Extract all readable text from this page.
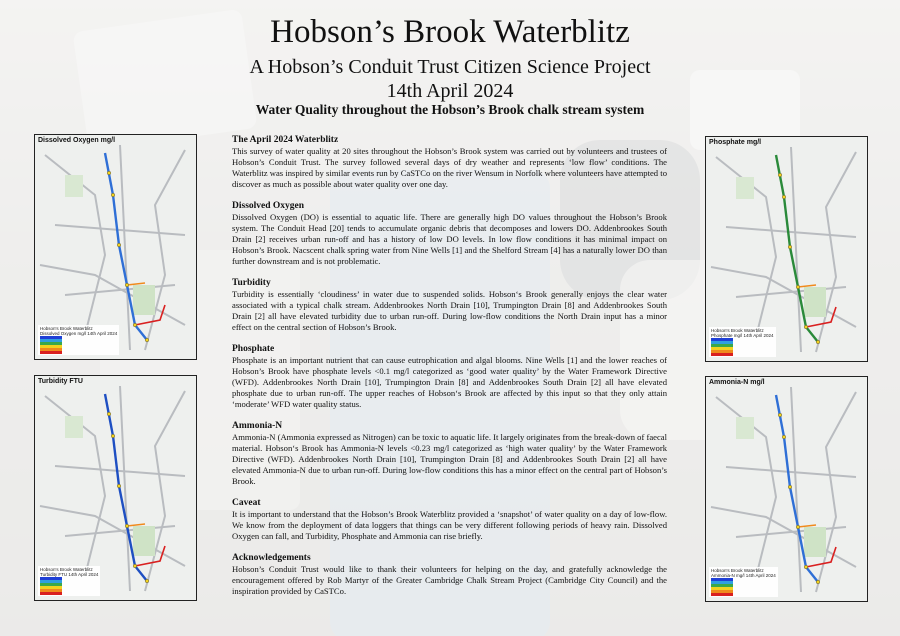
Hobson’s Brook Waterblitz
A Hobson’s Conduit Trust Citizen Science Project
14th April 2024
Water Quality throughout the Hobson’s Brook chalk stream system
The April 2024 Waterblitz

This survey of water quality at 20 sites throughout the Hobson’s Brook system was carried out by volunteers and trustees of Hobson’s Conduit Trust. The survey followed several days of dry weather and represents ‘low flow’ conditions. The Waterblitz was inspired by similar events run by CaSTCo on the river Wensum in Norfolk where volunteers have attempted to discover as much as possible about water quality over one day.

Dissolved Oxygen

Dissolved Oxygen (DO) is essential to aquatic life. There are generally high DO values throughout the Hobson’s Brook system. The Conduit Head [20] tends to accumulate organic debris that decomposes and lowers DO. Addenbrookes South Drain [2] receives urban run-off and has a history of low DO levels. In low flow conditions it has minimal impact on Hobson’s Brook. Nacscent chalk spring water from Nine Wells [1] and the Shelford Stream [4] has a naturally lower DO than further downstream and is not problematic.

Turbidity

Turbidity is essentially ‘cloudiness’ in water due to suspended solids. Hobson‘s Brook generally enjoys the clear water associated with a typical chalk stream. Addenbrookes North Drain [10], Trumpington Drain [8] and Addenbrookes South Drain [2] all have elevated turbidity due to urban run-off. During low-flow conditions the North Drain input has a minor effect on the central section of Hobson’s Brook.

Phosphate

Phosphate is an important nutrient that can cause eutrophication and algal blooms. Nine Wells [1] and the lower reaches of Hobson’s Brook have phosphate levels <0.1 mg/l categorized as ‘good water quality’ by the Water Framework Directive (WFD). Addenbrookes North Drain [10], Trumpington Drain [8] and Addenbrookes South Drain [2] all have elevated phosphate due to urban run-off. The upper reaches of Hobson‘s Brook are affected by this input so that they only attain ‘moderate’ WFD water quality status.

Ammonia-N

Ammonia-N (Ammonia expressed as Nitrogen) can be toxic to aquatic life. It largely originates from the break-down of faecal material. Hobson‘s Brook has Ammonia-N levels <0.23 mg/l categorized as ‘high water quality’ by the Water Framework Directive (WFD). Addenbrookes North Drain [10], Trumpington Drain [8] and Addenbrookes South Drain [2] all have elevated Ammonia-N due to urban run-off. During low-flow conditions this has a minor effect on the central part of Hobson’s Brook.

Caveat

It is important to understand that the Hobson’s Brook Waterblitz provided a ‘snapshot’ of water quality on a day of low-flow. We know from the deployment of data loggers that things can be very different following periods of heavy rain. Dissolved Oxygen can fall, and Turbidity, Phosphate and Ammonia can rise briefly.

Acknowledgements

Hobson’s Conduit Trust would like to thank their volunteers for helping on the day, and gratefully acknowledge the encouragement offered by Rob Martyr of the Greater Cambridge Chalk Stream Project (Cambridge City Council) and the inspiration provided by CaSTCo.

Dissolved Oxygen mg/l
Hobson's Brook Waterblitz
Dissolved Oxygen mg/l 14th April 2024
Turbidity FTU
Hobson's Brook Waterblitz
Turbidity FTU 14th April 2024
Phosphate mg/l
Hobson's Brook Waterblitz
Phosphate mg/l 14th April 2024
Ammonia-N mg/l
Hobson's Brook Waterblitz
Ammonia-N mg/l 14th April 2024
